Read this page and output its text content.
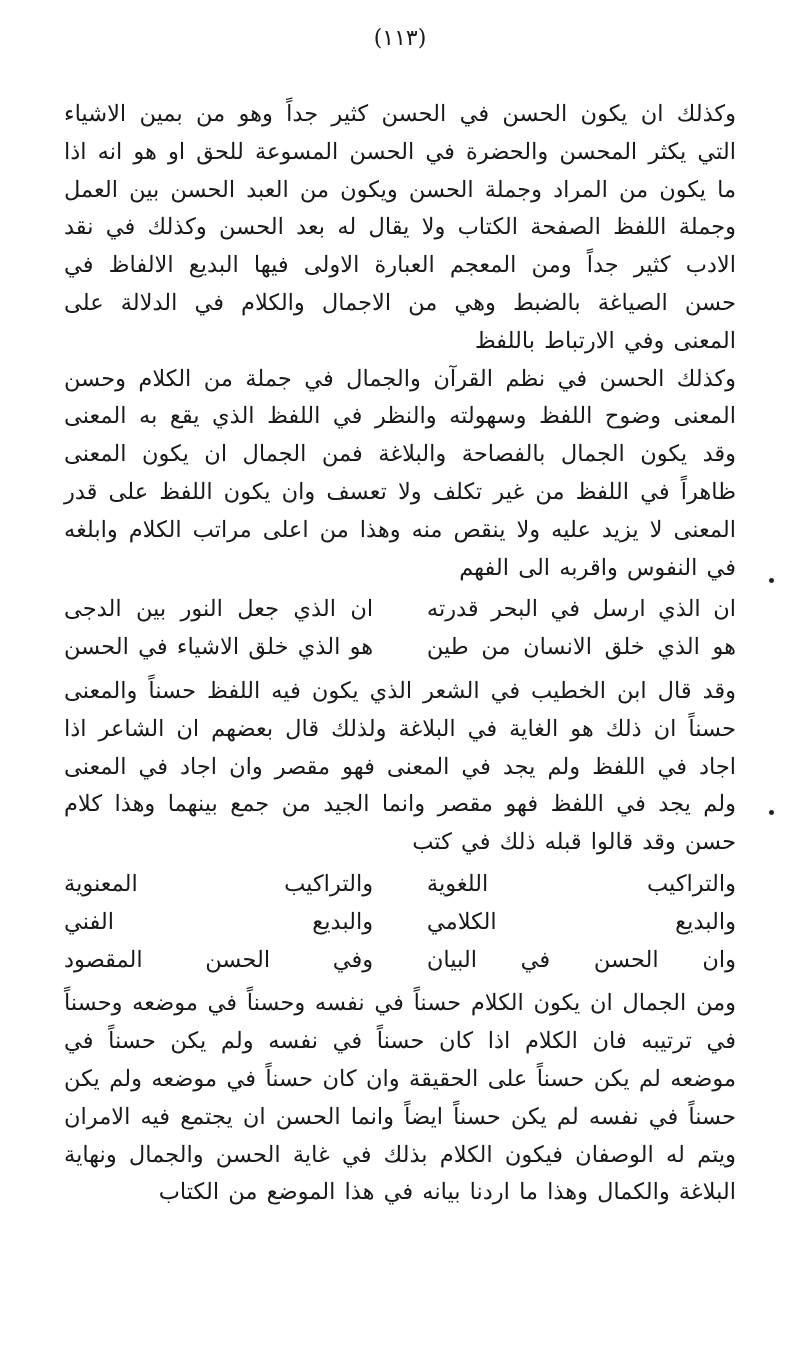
(۱۱۳)

وكذلك ان يكون الحسن في الحسن كثير جداً وهو من بمين الاشياء التي يكثر المحسن والحضرة في الحسن المسوعة للحق او هو انه اذا ما يكون من المراد وجملة الحسن ويكون من العبد الحسن بين العمل وجملة اللفظ الصفحة الكتاب ولا يقال له بعد الحسن وكذلك في نقد الادب كثير جداً ومن المعجم العبارة الاولى فيها البديع الالفاظ في حسن الصياغة بالضبط وهي من الاجمال والكلام في الدلالة على المعنى وفي الارتباط باللفظ

وكذلك الحسن في نظم القرآن والجمال في جملة من الكلام وحسن المعنى وضوح اللفظ وسهولته والنظر في اللفظ الذي يقع به المعنى وقد يكون الجمال بالفصاحة والبلاغة فمن الجمال ان يكون المعنى ظاهراً في اللفظ من غير تكلف ولا تعسف وان يكون اللفظ على قدر المعنى لا يزيد عليه ولا ينقص منه وهذا من اعلى مراتب الكلام وابلغه في النفوس واقربه الى الفهم

ان الذي ارسل في البحر قدرته
ان الذي جعل النور بين الدجى
هو الذي خلق الانسان من طين
هو الذي خلق الاشياء في الحسن

وقد قال ابن الخطيب في الشعر الذي يكون فيه اللفظ حسناً والمعنى حسناً ان ذلك هو الغاية في البلاغة ولذلك قال بعضهم ان الشاعر اذا اجاد في اللفظ ولم يجد في المعنى فهو مقصر وان اجاد في المعنى ولم يجد في اللفظ فهو مقصر وانما الجيد من جمع بينهما وهذا كلام حسن وقد قالوا قبله ذلك في كتب

والتراكيب اللغوية
والتراكيب المعنوية
والبديع الكلامي
والبديع الفني
وان الحسن في البيان
وفي الحسن المقصود

ومن الجمال ان يكون الكلام حسناً في نفسه وحسناً في موضعه وحسناً في ترتيبه فان الكلام اذا كان حسناً في نفسه ولم يكن حسناً في موضعه لم يكن حسناً على الحقيقة وان كان حسناً في موضعه ولم يكن حسناً في نفسه لم يكن حسناً ايضاً وانما الحسن ان يجتمع فيه الامران ويتم له الوصفان فيكون الكلام بذلك في غاية الحسن والجمال ونهاية البلاغة والكمال وهذا ما اردنا بيانه في هذا الموضع من الكتاب
